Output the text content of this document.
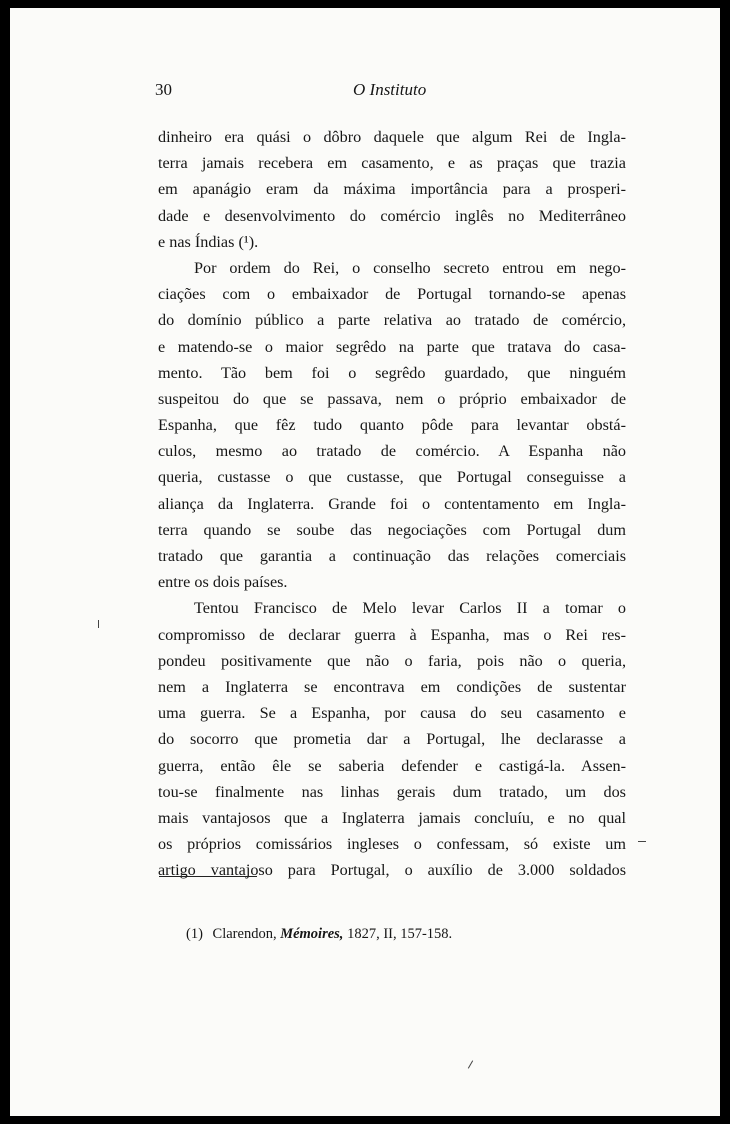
30	O Instituto
dinheiro era quási o dôbro daquele que algum Rei de Ingla-
terra jamais recebera em casamento, e as praças que trazia
em apanágio eram da máxima importância para a prosperi-
dade e desenvolvimento do comércio inglês no Mediterrâneo
e nas Índias (¹).
Por ordem do Rei, o conselho secreto entrou em nego-
ciações com o embaixador de Portugal tornando-se apenas
do domínio público a parte relativa ao tratado de comércio,
e matendo-se o maior segrêdo na parte que tratava do casa-
mento. Tão bem foi o segrêdo guardado, que ninguém
suspeitou do que se passava, nem o próprio embaixador de
Espanha, que fêz tudo quanto pôde para levantar obstá-
culos, mesmo ao tratado de comércio. A Espanha não
queria, custasse o que custasse, que Portugal conseguisse a
aliança da Inglaterra. Grande foi o contentamento em Ingla-
terra quando se soube das negociações com Portugal dum
tratado que garantia a continuação das relações comerciais
entre os dois países.
Tentou Francisco de Melo levar Carlos II a tomar o
compromisso de declarar guerra à Espanha, mas o Rei res-
pondeu positivamente que não o faria, pois não o queria,
nem a Inglaterra se encontrava em condições de sustentar
uma guerra. Se a Espanha, por causa do seu casamento e
do socorro que prometia dar a Portugal, lhe declarasse a
guerra, então êle se saberia defender e castigá-la. Assen-
tou-se finalmente nas linhas gerais dum tratado, um dos
mais vantajosos que a Inglaterra jamais concluíu, e no qual
os próprios comissários ingleses o confessam, só existe um
artigo vantajoso para Portugal, o auxílio de 3.000 soldados
(1) Clarendon, Mémoires, 1827, II, 157-158.
